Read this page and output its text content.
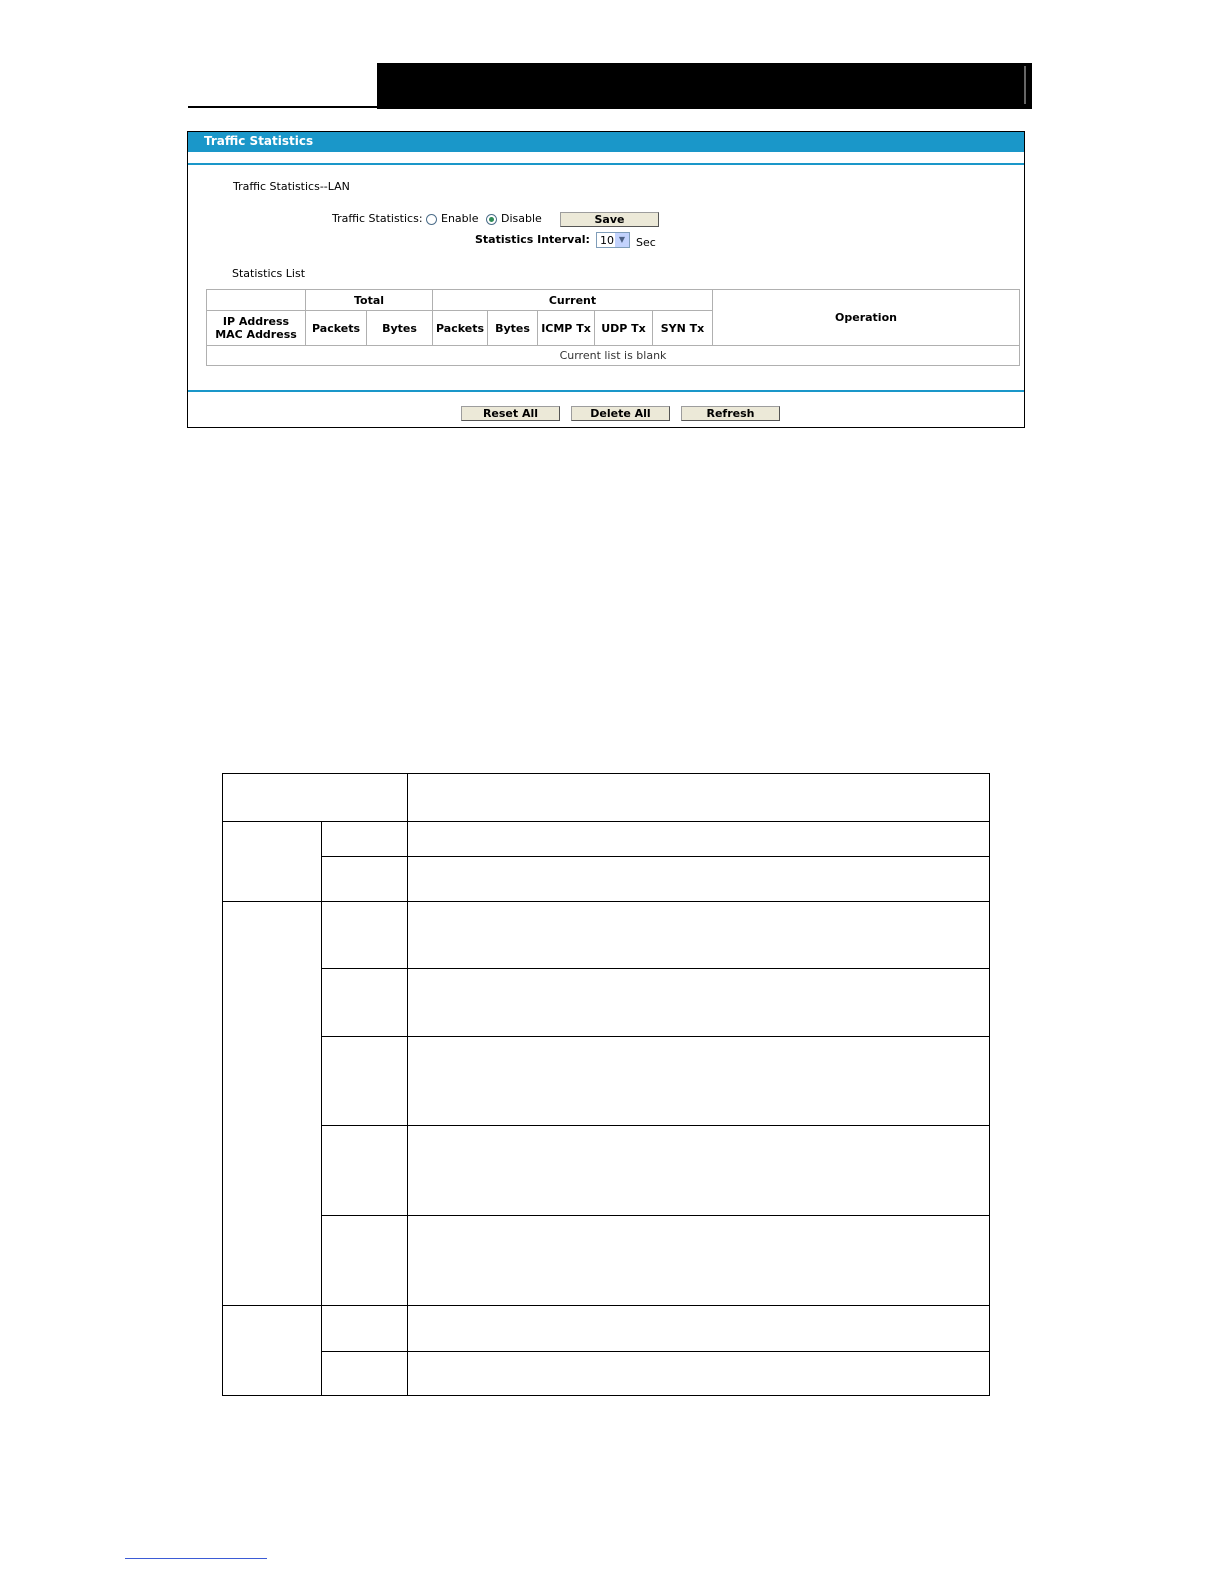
Traffic Statistics
Traffic Statistics--LAN
Traffic Statistics: Enable Disable	Save
Statistics Interval: 10 ▼ Sec
Statistics List
Reset All	Delete All	Refresh
	Total		Current					Operation

IP Address
MAC Address	Packets	Bytes	Packets	Bytes	ICMP Tx	UDP Tx	SYN Tx	
Current list is blank								
